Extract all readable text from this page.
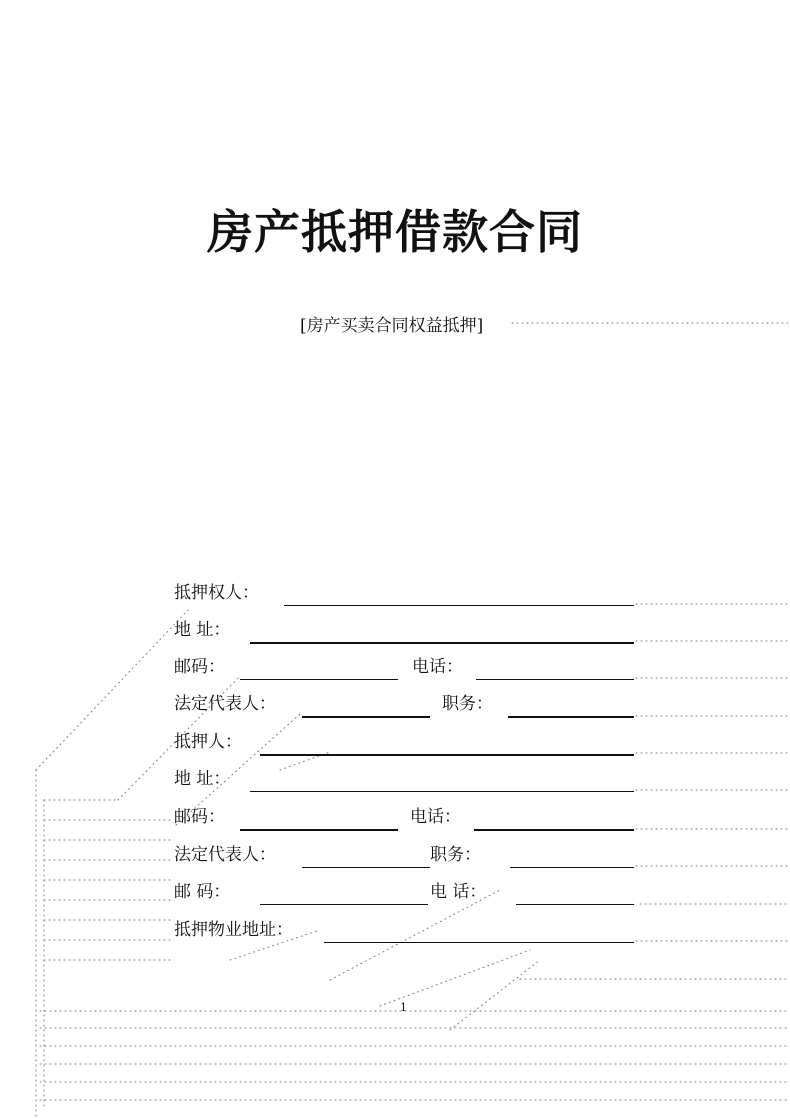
房产抵押借款合同
[房产买卖合同权益抵押]
抵押权人：
地 址：
邮码：	电话：
法定代表人：	职务：
抵押人：
地 址：
邮码：	电话：
法定代表人：	职务：
邮 码：	电 话：
抵押物业地址：
1
